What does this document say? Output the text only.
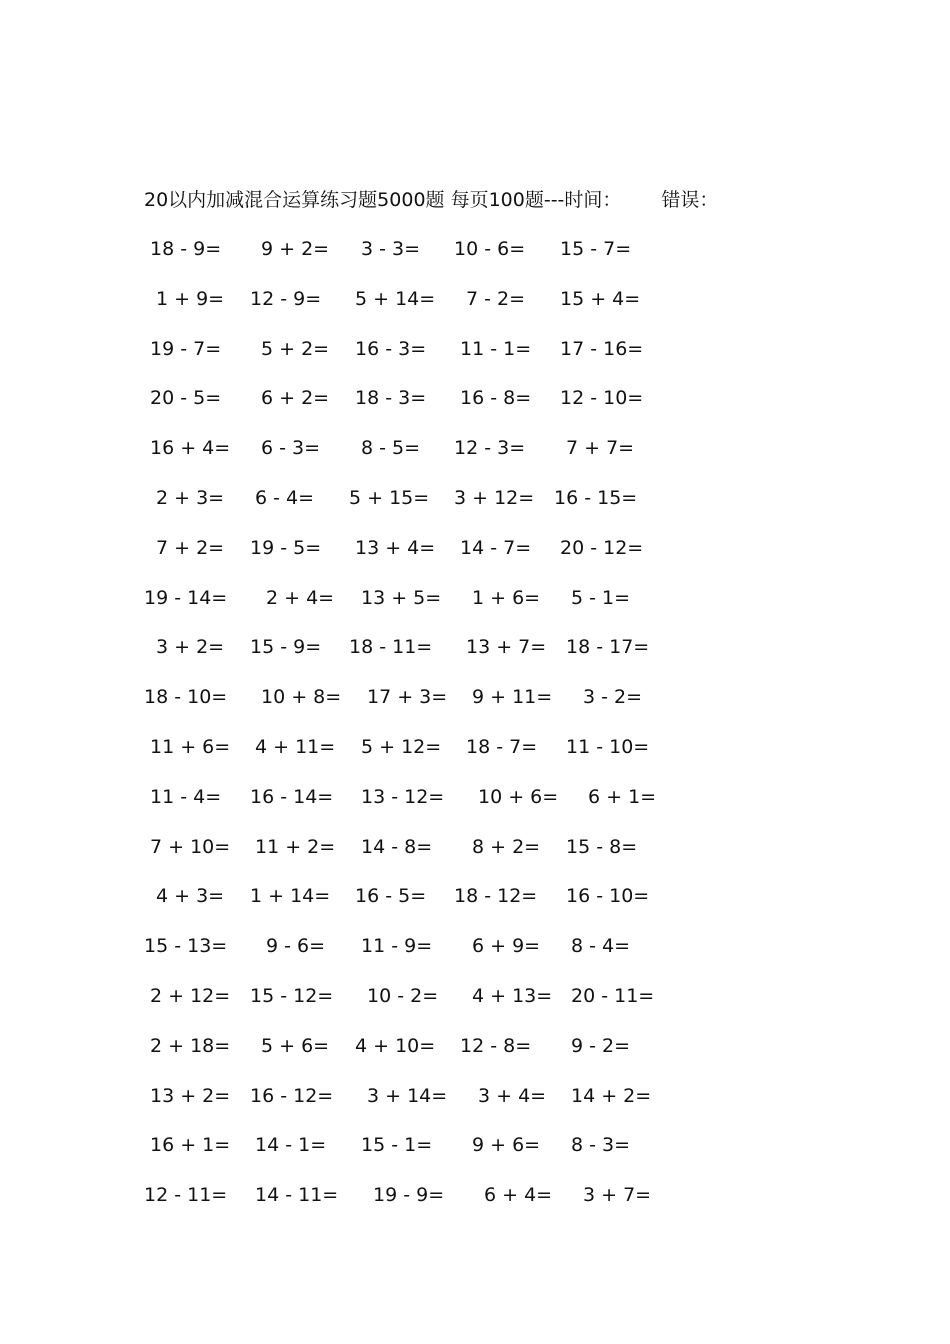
20以内加减混合运算练习题5000题 每页100题---时间： 错误：
18 - 9= 9 + 2= 3 - 3= 10 - 6= 15 - 7=
1 + 9= 12 - 9= 5 + 14= 7 - 2= 15 + 4=
19 - 7= 5 + 2= 16 - 3= 11 - 1= 17 - 16=
20 - 5= 6 + 2= 18 - 3= 16 - 8= 12 - 10=
16 + 4= 6 - 3= 8 - 5= 12 - 3= 7 + 7=
2 + 3= 6 - 4= 5 + 15= 3 + 12= 16 - 15=
7 + 2= 19 - 5= 13 + 4= 14 - 7= 20 - 12=
19 - 14= 2 + 4= 13 + 5= 1 + 6= 5 - 1=
3 + 2= 15 - 9= 18 - 11= 13 + 7= 18 - 17=
18 - 10= 10 + 8= 17 + 3= 9 + 11= 3 - 2=
11 + 6= 4 + 11= 5 + 12= 18 - 7= 11 - 10=
11 - 4= 16 - 14= 13 - 12= 10 + 6= 6 + 1=
7 + 10= 11 + 2= 14 - 8= 8 + 2= 15 - 8=
4 + 3= 1 + 14= 16 - 5= 18 - 12= 16 - 10=
15 - 13= 9 - 6= 11 - 9= 6 + 9= 8 - 4=
2 + 12= 15 - 12= 10 - 2= 4 + 13= 20 - 11=
2 + 18= 5 + 6= 4 + 10= 12 - 8= 9 - 2=
13 + 2= 16 - 12= 3 + 14= 3 + 4= 14 + 2=
16 + 1= 14 - 1= 15 - 1= 9 + 6= 8 - 3=
12 - 11= 14 - 11= 19 - 9= 6 + 4= 3 + 7=
